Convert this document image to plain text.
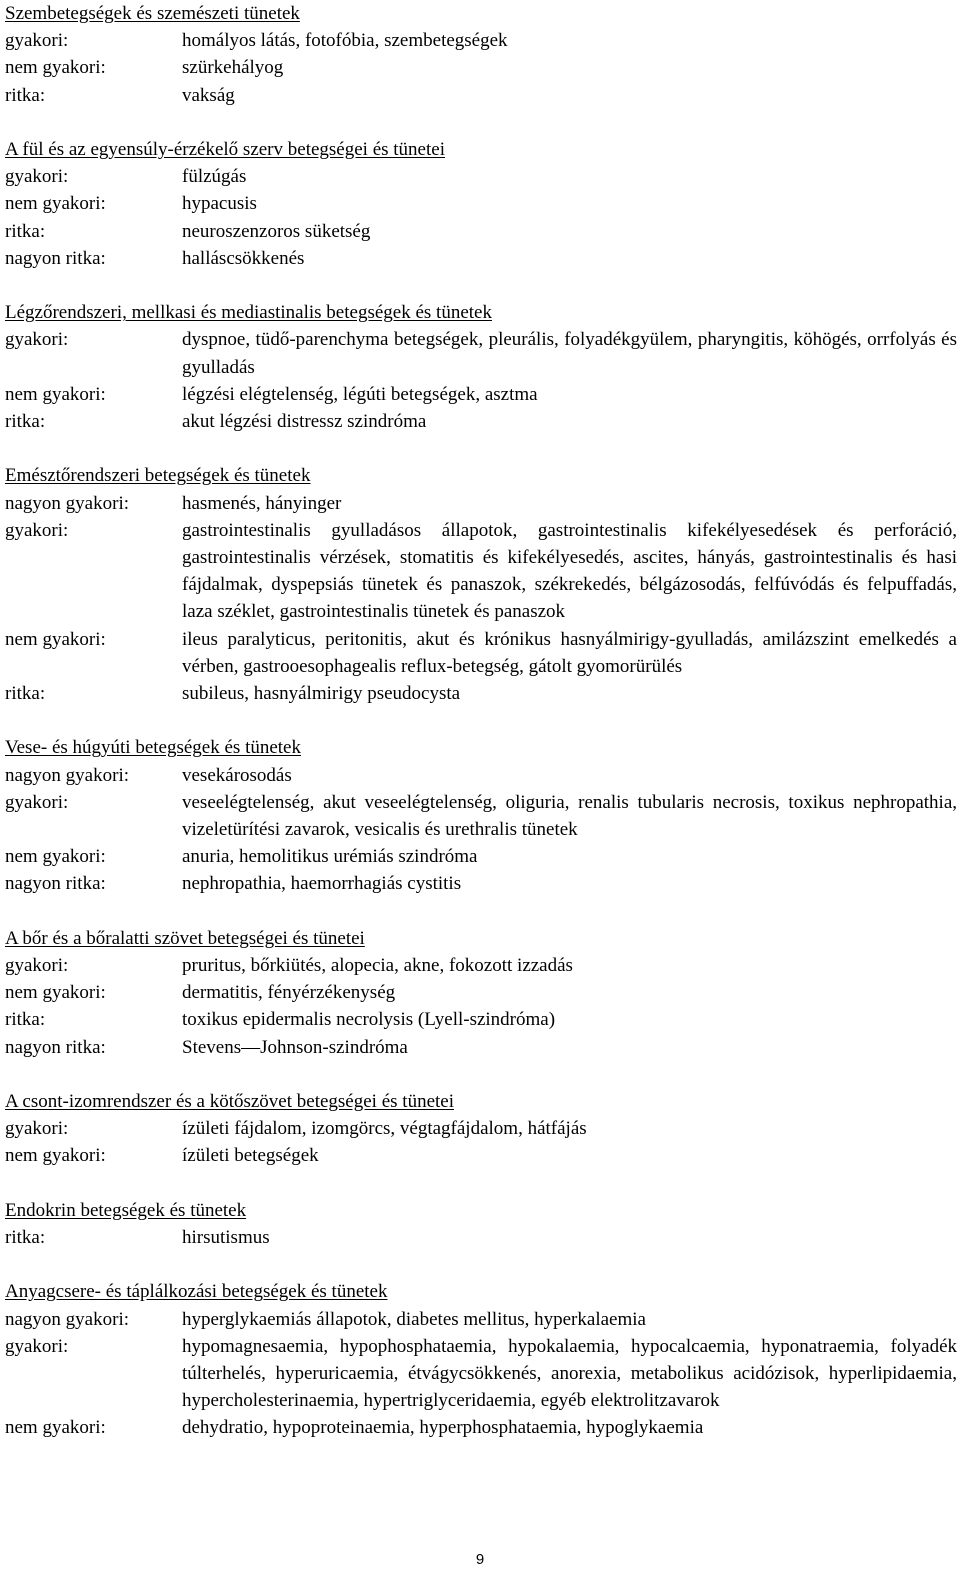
Szembetegségek és szemészeti tünetek
gyakori:	homályos látás, fotofóbia, szembetegségek
nem gyakori:	szürkehályog
ritka:	vakság
A fül és az egyensúly-érzékelő szerv betegségei és tünetei
gyakori:	fülzúgás
nem gyakori:	hypacusis
ritka:	neuroszenzoros süketség
nagyon ritka:	halláscsökkenés
Légzőrendszeri, mellkasi és mediastinalis betegségek és tünetek
gyakori:	dyspnoe, tüdő-parenchyma betegségek, pleurális, folyadékgyülem, pharyngitis, köhögés, orrfolyás és gyulladás
nem gyakori:	légzési elégtelenség, légúti betegségek, asztma
ritka:	akut légzési distressz szindróma
Emésztőrendszeri betegségek és tünetek
nagyon gyakori:	hasmenés, hányinger
gyakori:	gastrointestinalis gyulladásos állapotok, gastrointestinalis kifekélyesedések és perforáció, gastrointestinalis vérzések, stomatitis és kifekélyesedés, ascites, hányás, gastrointestinalis és hasi fájdalmak, dyspepsiás tünetek és panaszok, székrekedés, bélgázosodás, felfúvódás és felpuffadás, laza széklet, gastrointestinalis tünetek és panaszok
nem gyakori:	ileus paralyticus, peritonitis, akut és krónikus hasnyálmirigy-gyulladás, amilázszint emelkedés a vérben, gastrooesophagealis reflux-betegség, gátolt gyomorürülés
ritka:	subileus, hasnyálmirigy pseudocysta
Vese- és húgyúti betegségek és tünetek
nagyon gyakori:	vesekárosodás
gyakori:	veseelégtelenség, akut veseelégtelenség, oliguria, renalis tubularis necrosis, toxikus nephropathia, vizeletürítési zavarok, vesicalis és urethralis tünetek
nem gyakori:	anuria, hemolitikus urémiás szindróma
nagyon ritka:	nephropathia, haemorrhagiás cystitis
A bőr és a bőralatti szövet betegségei és tünetei
gyakori:	pruritus, bőrkiütés, alopecia, akne, fokozott izzadás
nem gyakori:	dermatitis, fényérzékenység
ritka:	toxikus epidermalis necrolysis (Lyell-szindróma)
nagyon ritka:	Stevens—Johnson-szindróma
A csont-izomrendszer és a kötőszövet betegségei és tünetei
gyakori:	ízületi fájdalom, izomgörcs, végtagfájdalom, hátfájás
nem gyakori:	ízületi betegségek
Endokrin betegségek és tünetek
ritka:	hirsutismus
Anyagcsere- és táplálkozási betegségek és tünetek
nagyon gyakori:	hyperglykaemiás állapotok, diabetes mellitus, hyperkalaemia
gyakori:	hypomagnesaemia, hypophosphataemia, hypokalaemia, hypocalcaemia, hyponatraemia, folyadék túlterhelés, hyperuricaemia, étvágycsökkenés, anorexia, metabolikus acidózisok, hyperlipidaemia, hypercholesterinaemia, hypertriglyceridaemia, egyéb elektrolitzavarok
nem gyakori:	dehydratio, hypoproteinaemia, hyperphosphataemia, hypoglykaemia
9
